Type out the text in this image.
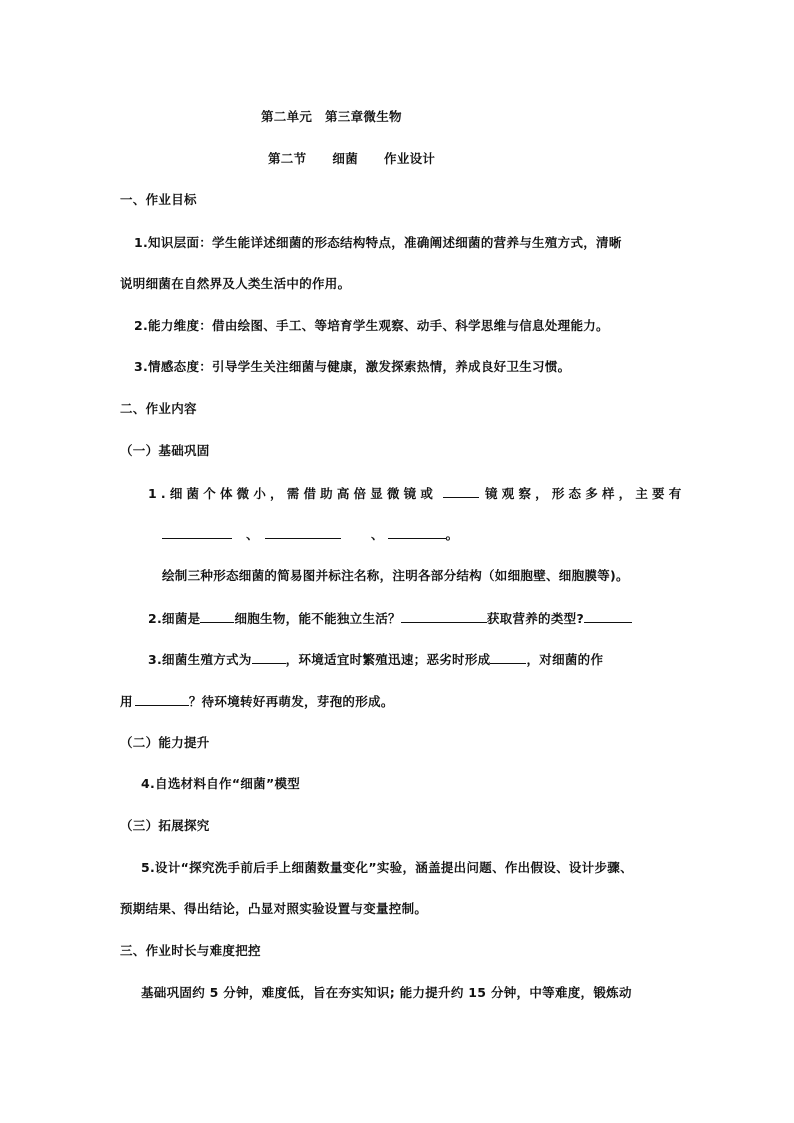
第二单元　第三章微生物
第二节 细菌 作业设计
一、作业目标
1.知识层面：学生能详述细菌的形态结构特点，准确阐述细菌的营养与生殖方式，清晰
说明细菌在自然界及人类生活中的作用。
2.能力维度：借由绘图、手工、等培育学生观察、动手、科学思维与信息处理能力。
3.情感态度：引导学生关注细菌与健康，激发探索热情，养成良好卫生习惯。
二、作业内容
（一）基础巩固
1.细菌个体微小，需借助高倍显微镜或	镜观察，形态多样，主要有
、	、	。
绘制三种形态细菌的简易图并标注名称，注明各部分结构（如细胞壁、细胞膜等)。
2.细菌是	细胞生物，能不能独立生活？	获取营养的类型?
3.细菌生殖方式为	，环境适宜时繁殖迅速；恶劣时形成	，对细菌的作
用	？待环境转好再萌发，芽孢的形成。
（二）能力提升
4.自选材料自作“细菌”模型
（三）拓展探究
5.设计“探究洗手前后手上细菌数量变化”实验，涵盖提出问题、作出假设、设计步骤、
预期结果、得出结论，凸显对照实验设置与变量控制。
三、作业时长与难度把控
基础巩固约 5 分钟，难度低，旨在夯实知识; 能力提升约 15 分钟，中等难度，锻炼动
